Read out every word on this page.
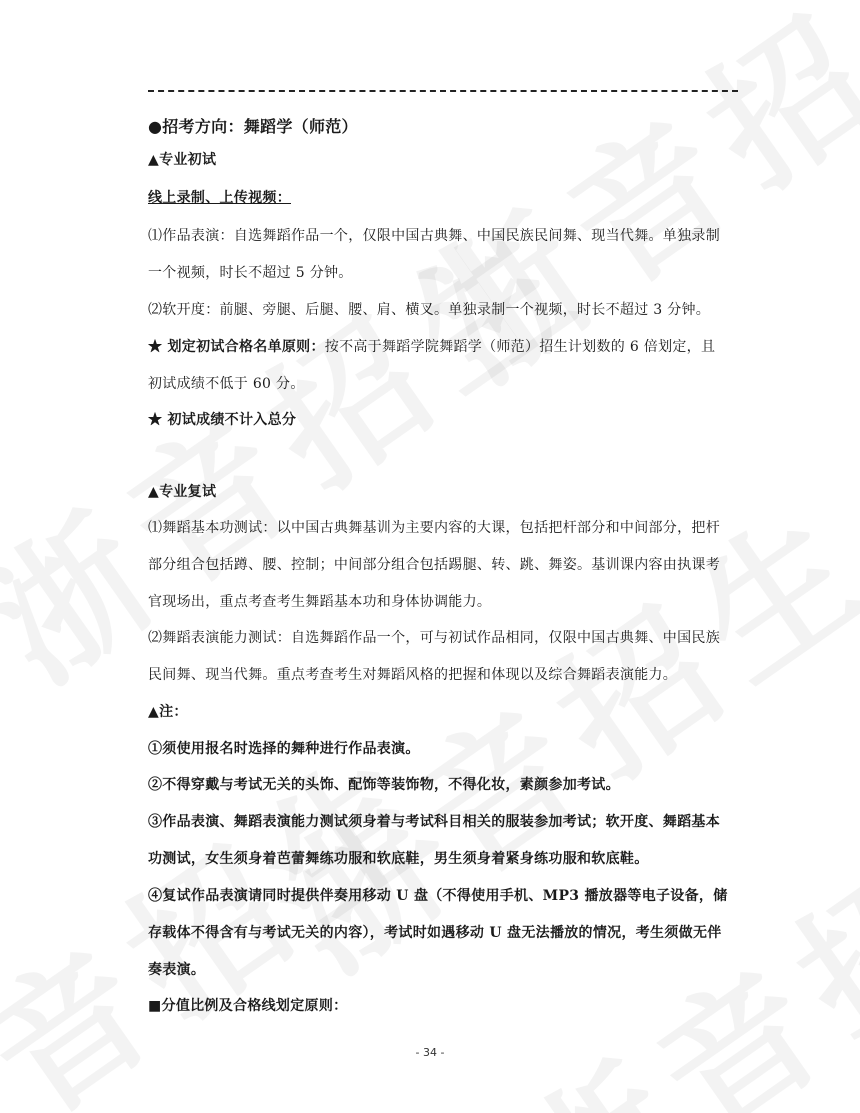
●招考方向：舞蹈学（师范）

▲专业初试

线上录制、上传视频：

⑴作品表演：自选舞蹈作品一个，仅限中国古典舞、中国民族民间舞、现当代舞。单独录制一个视频，时长不超过 5 分钟。

⑵软开度：前腿、旁腿、后腿、腰、肩、横叉。单独录制一个视频，时长不超过 3 分钟。

★ 划定初试合格名单原则：按不高于舞蹈学院舞蹈学（师范）招生计划数的 6 倍划定，且初试成绩不低于 60 分。

★ 初试成绩不计入总分

▲专业复试

⑴舞蹈基本功测试：以中国古典舞基训为主要内容的大课，包括把杆部分和中间部分，把杆部分组合包括蹲、腰、控制；中间部分组合包括踢腿、转、跳、舞姿。基训课内容由执课考官现场出，重点考查考生舞蹈基本功和身体协调能力。

⑵舞蹈表演能力测试：自选舞蹈作品一个，可与初试作品相同，仅限中国古典舞、中国民族民间舞、现当代舞。重点考查考生对舞蹈风格的把握和体现以及综合舞蹈表演能力。

▲注：

①须使用报名时选择的舞种进行作品表演。

②不得穿戴与考试无关的头饰、配饰等装饰物，不得化妆，素颜参加考试。

③作品表演、舞蹈表演能力测试须身着与考试科目相关的服装参加考试；软开度、舞蹈基本功测试，女生须身着芭蕾舞练功服和软底鞋，男生须身着紧身练功服和软底鞋。

④复试作品表演请同时提供伴奏用移动 U 盘（不得使用手机、MP3 播放器等电子设备，储存载体不得含有与考试无关的内容），考试时如遇移动 U 盘无法播放的情况，考生须做无伴奏表演。

■分值比例及合格线划定原则：

- 34 -
